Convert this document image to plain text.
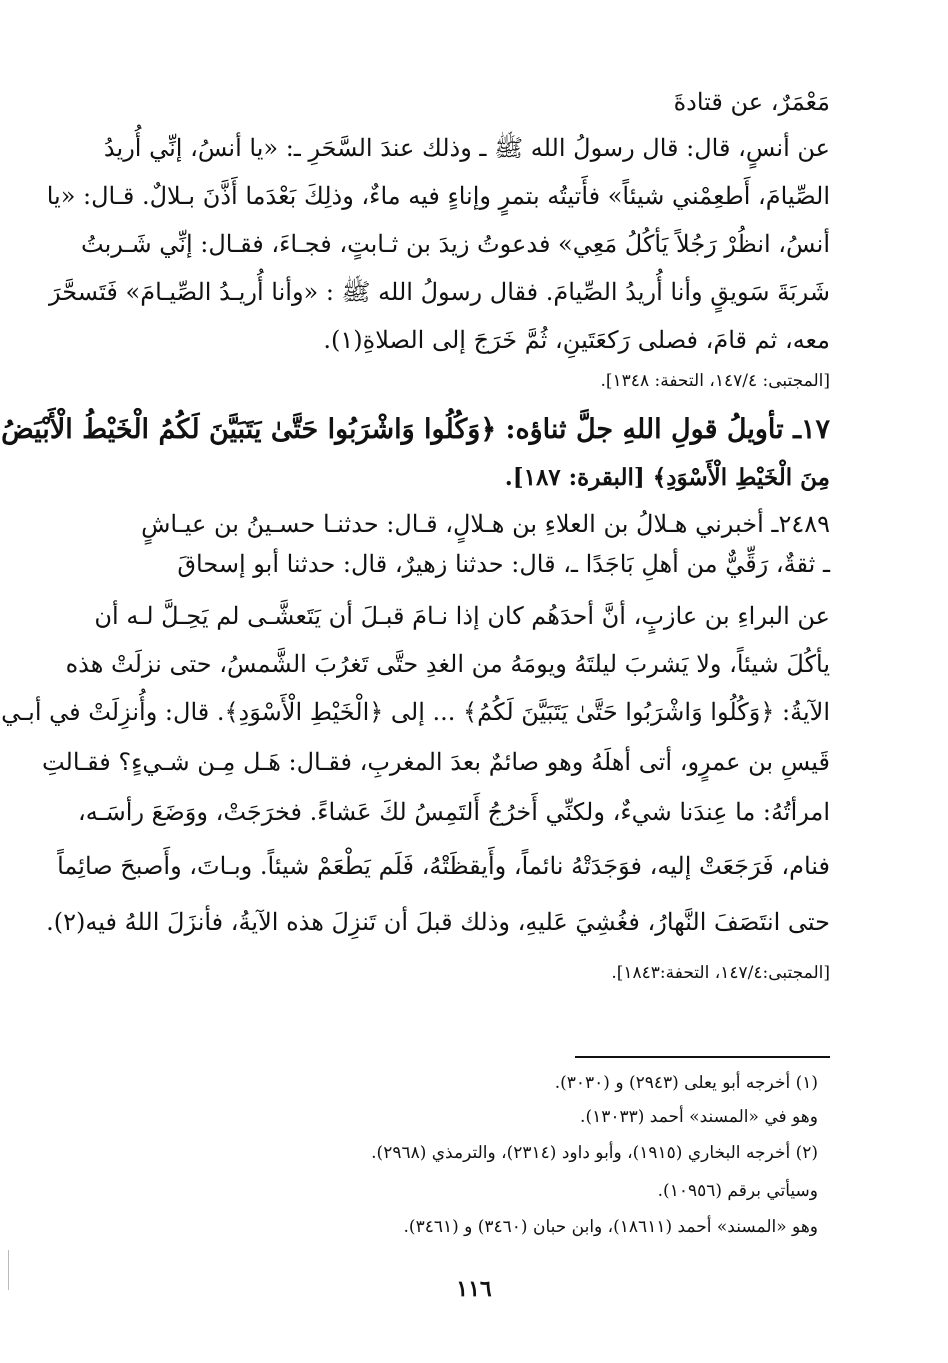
مَعْمَرٌ، عن قتادةَ
عن أنسٍ، قال: قال رسولُ الله ﷺ ـ وذلك عندَ السَّحَرِ ـ: «يا أنسُ، إنِّي أُريدُ
الصِّيامَ، أَطعِمْني شيئاً» فأَتيتُه بتمرٍ وإناءٍ فيه ماءٌ، وذلِكَ بَعْدَما أَذَّنَ بـلالٌ. قـال: «يا
أنسُ، انظُرْ رَجُلاً يَأكُلُ مَعِي» فدعوتُ زيدَ بن ثـابتٍ، فجـاءَ، فقـال: إنِّي شَـربتُ
شَربَةَ سَويقٍ وأنا أُريدُ الصِّيامَ. فقال رسولُ الله ﷺ : «وأنا أُريـدُ الصِّيـامَ» فَتَسحَّرَ
معه، ثم قامَ، فصلى رَكعَتَينِ، ثُمَّ خَرَجَ إلى الصلاةِ(١).
[المجتبى: ١٤٧/٤، التحفة: ١٣٤٨].
١٧ـ تأويلُ قولِ اللهِ جلَّ ثناؤه: ﴿وَكُلُوا وَاشْرَبُوا حَتَّىٰ يَتَبَيَّنَ لَكُمُ الْخَيْطُ الْأَبْيَضُ
مِنَ الْخَيْطِ الْأَسْوَدِ﴾ [البقرة: ١٨٧].
٢٤٨٩ـ أخبرني هـلالُ بن العلاءِ بن هـلالٍ، قـال: حدثنـا حسـينُ بن عيـاشٍ
ـ ثقةٌ، رَقِّيٌّ من أهلِ بَاجَدًا ـ، قال: حدثنا زهيرٌ، قال: حدثنا أبو إسحاقَ
عن البراءِ بن عازبٍ، أنَّ أحدَهُم كان إذا نـامَ قبـلَ أن يَتَعشَّـى لم يَحِـلَّ لـه أن
يأكُلَ شيئاً، ولا يَشربَ ليلتَهُ ويومَهُ من الغدِ حتَّى تَغرُبَ الشَّمسُ، حتى نزلَتْ هذه
الآيةُ: ﴿وَكُلُوا وَاشْرَبُوا حَتَّىٰ يَتَبَيَّنَ لَكُمُ﴾ ... إلى ﴿الْخَيْطِ الْأَسْوَدِ﴾. قال: وأُنزِلَتْ في أبـي
قَيسِ بن عمرٍو، أتى أهلَهُ وهو صائمٌ بعدَ المغربِ، فقـال: هَـل مِـن شـيءٍ؟ فقـالتِ
امرأتُهُ: ما عِندَنا شيءٌ، ولكنِّي أَخرُجُ أَلتَمِسُ لكَ عَشاءً. فخرَجَتْ، ووَضَعَ رأسَـه،
فنام، فَرَجَعَتْ إليه، فوَجَدَتْهُ نائماً، وأَيقظَتْهُ، فَلَم يَطْعَمْ شيئاً. وبـاتَ، وأَصبحَ صائِماً
حتى انتَصَفَ النَّهارُ، فغُشِيَ عَليهِ، وذلك قبلَ أن تَنزِلَ هذه الآيةُ، فأنزَلَ اللهُ فيه(٢).
[المجتبى:١٤٧/٤، التحفة:١٨٤٣].
(١) أخرجه أبو يعلى (٢٩٤٣) و (٣٠٣٠).
وهو في «المسند» أحمد (١٣٠٣٣).
(٢) أخرجه البخاري (١٩١٥)، وأبو داود (٢٣١٤)، والترمذي (٢٩٦٨).
وسيأتي برقم (١٠٩٥٦).
وهو «المسند» أحمد (١٨٦١١)، وابن حبان (٣٤٦٠) و (٣٤٦١).
١١٦
